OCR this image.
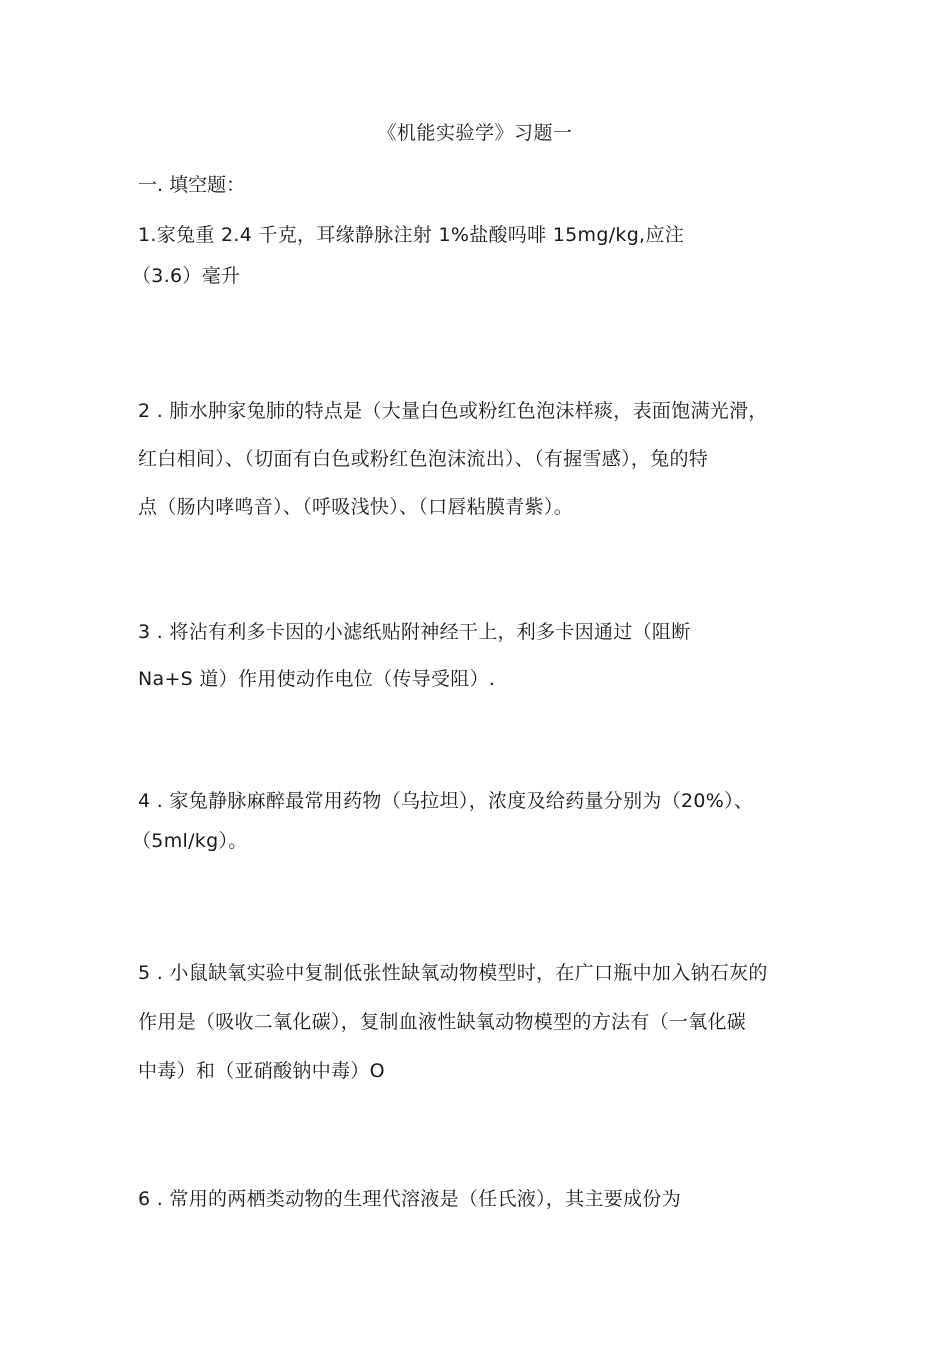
《机能实验学》习题一
一. 填空题：
1.家兔重 2.4 千克，耳缘静脉注射 1%盐酸吗啡 15mg/kg,应注
（3.6）毫升
2 . 肺水肿家兔肺的特点是（大量白色或粉红色泡沫样痰，表面饱满光滑，
红白相间）、（切面有白色或粉红色泡沫流出）、（有握雪感），兔的特
点（肠内哮鸣音）、（呼吸浅快）、（口唇粘膜青紫）。
3 . 将沾有利多卡因的小滤纸贴附神经干上，利多卡因通过（阻断
Na+S 道）作用使动作电位（传导受阻）.
4 . 家兔静脉麻醉最常用药物（乌拉坦），浓度及给药量分别为（20%）、
（5ml/kg）。
5 . 小鼠缺氧实验中复制低张性缺氧动物模型时，在广口瓶中加入钠石灰的
作用是（吸收二氧化碳），复制血液性缺氧动物模型的方法有（一氧化碳
中毒）和（亚硝酸钠中毒）O
6 . 常用的两栖类动物的生理代溶液是（任氏液），其主要成份为
